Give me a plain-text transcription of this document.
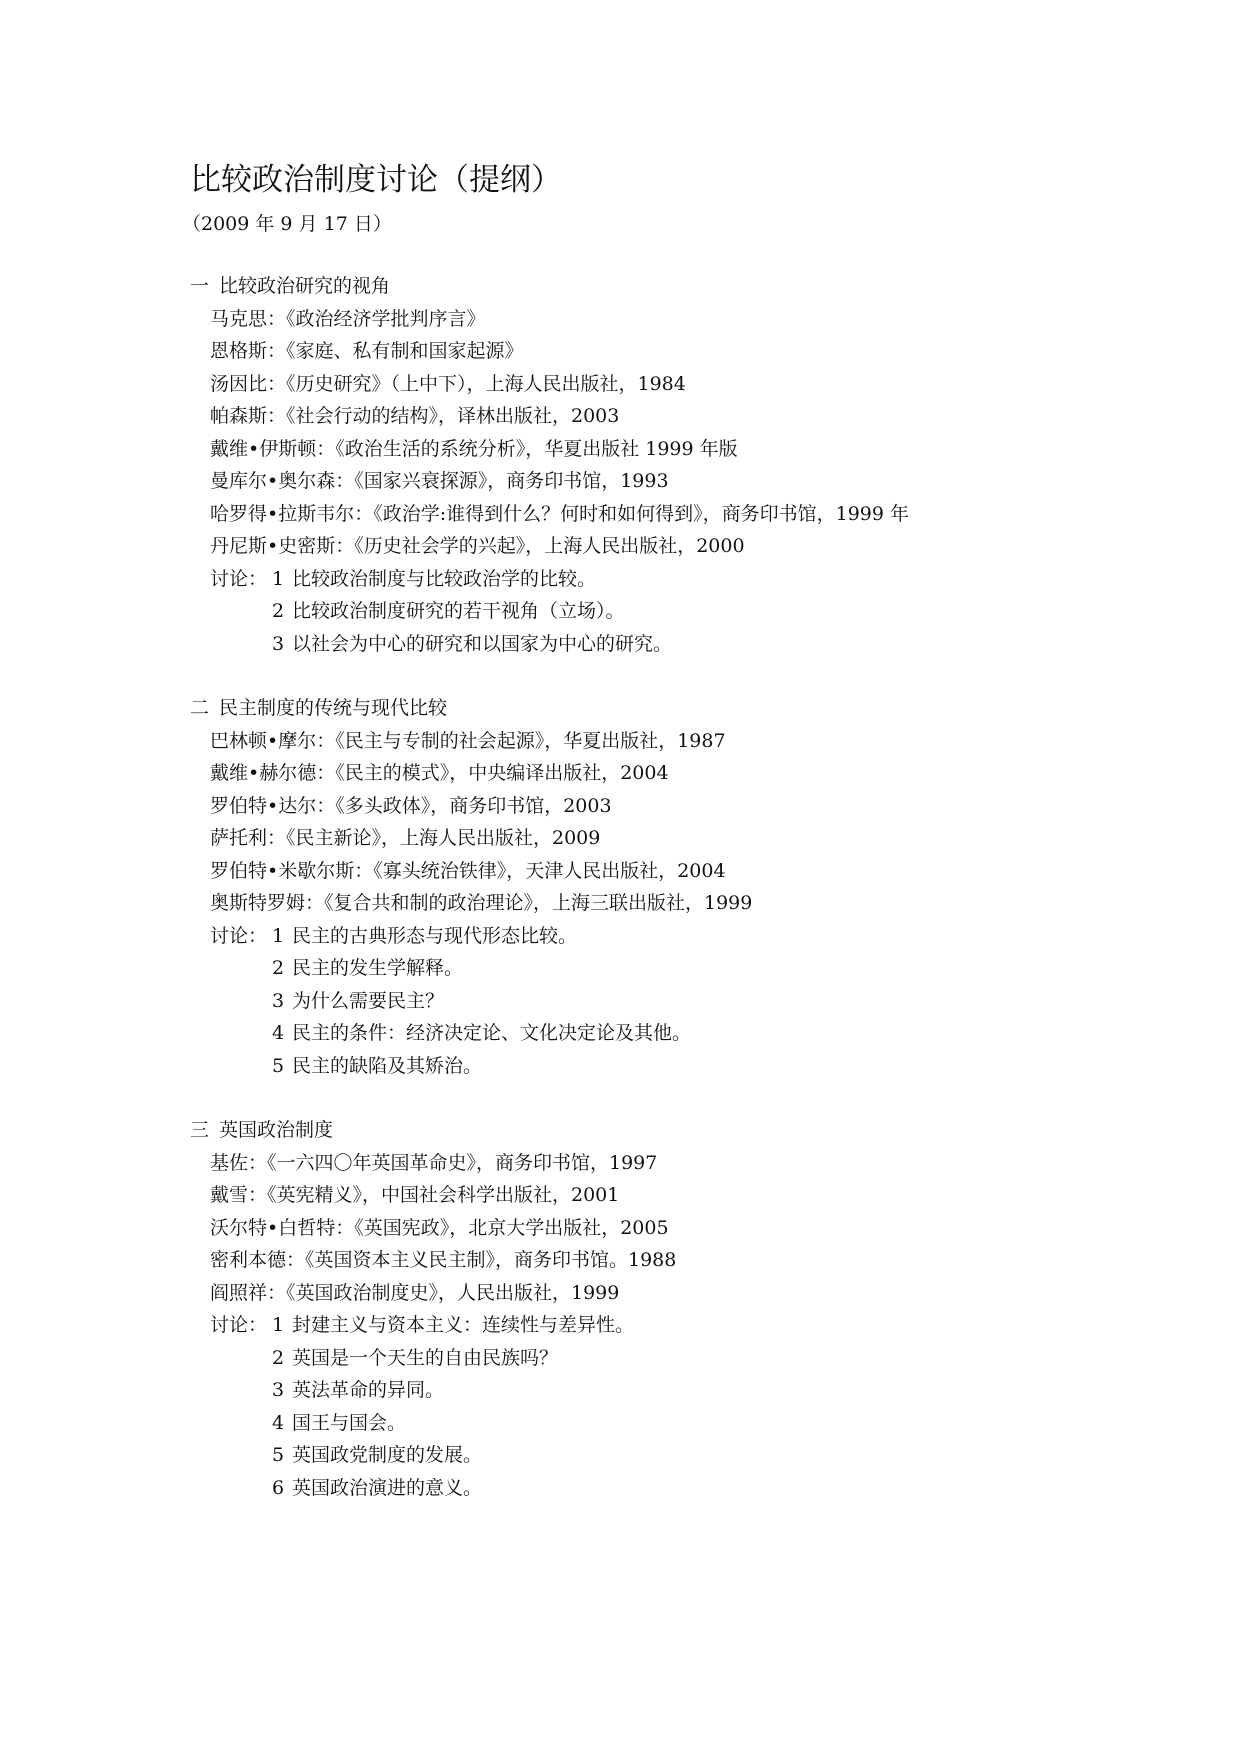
比较政治制度讨论（提纲）
（2009 年 9 月 17 日）
一 比较政治研究的视角
马克思：《政治经济学批判序言》
恩格斯：《家庭、私有制和国家起源》
汤因比：《历史研究》（上中下），上海人民出版社，1984
帕森斯：《社会行动的结构》，译林出版社，2003
戴维•伊斯顿：《政治生活的系统分析》，华夏出版社 1999 年版
曼库尔•奥尔森：《国家兴衰探源》，商务印书馆，1993
哈罗得•拉斯韦尔：《政治学:谁得到什么？何时和如何得到》，商务印书馆，1999 年
丹尼斯•史密斯：《历史社会学的兴起》，上海人民出版社，2000
讨论： 1 比较政治制度与比较政治学的比较。
2 比较政治制度研究的若干视角（立场）。
3 以社会为中心的研究和以国家为中心的研究。
二 民主制度的传统与现代比较
巴林顿•摩尔：《民主与专制的社会起源》，华夏出版社，1987
戴维•赫尔德：《民主的模式》，中央编译出版社，2004
罗伯特•达尔：《多头政体》，商务印书馆，2003
萨托利：《民主新论》，上海人民出版社，2009
罗伯特•米歇尔斯：《寡头统治铁律》，天津人民出版社，2004
奥斯特罗姆：《复合共和制的政治理论》，上海三联出版社，1999
讨论： 1 民主的古典形态与现代形态比较。
2 民主的发生学解释。
3 为什么需要民主？
4 民主的条件：经济决定论、文化决定论及其他。
5 民主的缺陷及其矫治。
三 英国政治制度
基佐：《一六四〇年英国革命史》，商务印书馆，1997
戴雪：《英宪精义》，中国社会科学出版社，2001
沃尔特•白哲特：《英国宪政》，北京大学出版社，2005
密利本德：《英国资本主义民主制》，商务印书馆。1988
阎照祥：《英国政治制度史》，人民出版社，1999
讨论： 1 封建主义与资本主义：连续性与差异性。
2 英国是一个天生的自由民族吗？
3 英法革命的异同。
4 国王与国会。
5 英国政党制度的发展。
6 英国政治演进的意义。
